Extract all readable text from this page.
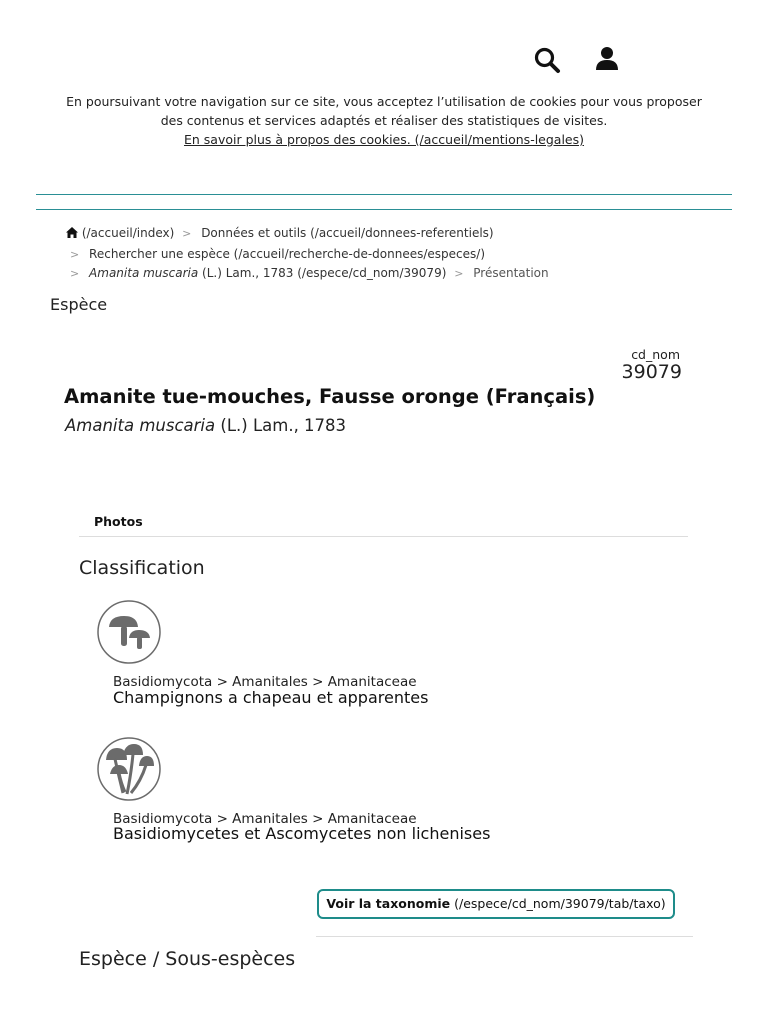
En poursuivant votre navigation sur ce site, vous acceptez l’utilisation de cookies pour vous proposer
des contenus et services adaptés et réaliser des statistiques de visites.
En savoir plus à propos des cookies. (/accueil/mentions-legales)
(/accueil/index) > Données et outils (/accueil/donnees-referentiels)
> Rechercher une espèce (/accueil/recherche-de-donnees/especes/)
> Amanita muscaria (L.) Lam., 1783 (/espece/cd_nom/39079) > Présentation
Espèce
cd_nom
39079
Amanite tue-mouches, Fausse oronge (Français)
Amanita muscaria (L.) Lam., 1783
Photos
Classification
Basidiomycota > Amanitales > Amanitaceae
Champignons a chapeau et apparentes
Basidiomycota > Amanitales > Amanitaceae
Basidiomycetes et Ascomycetes non lichenises
Voir la taxonomie (/espece/cd_nom/39079/tab/taxo)
Espèce / Sous-espèces
